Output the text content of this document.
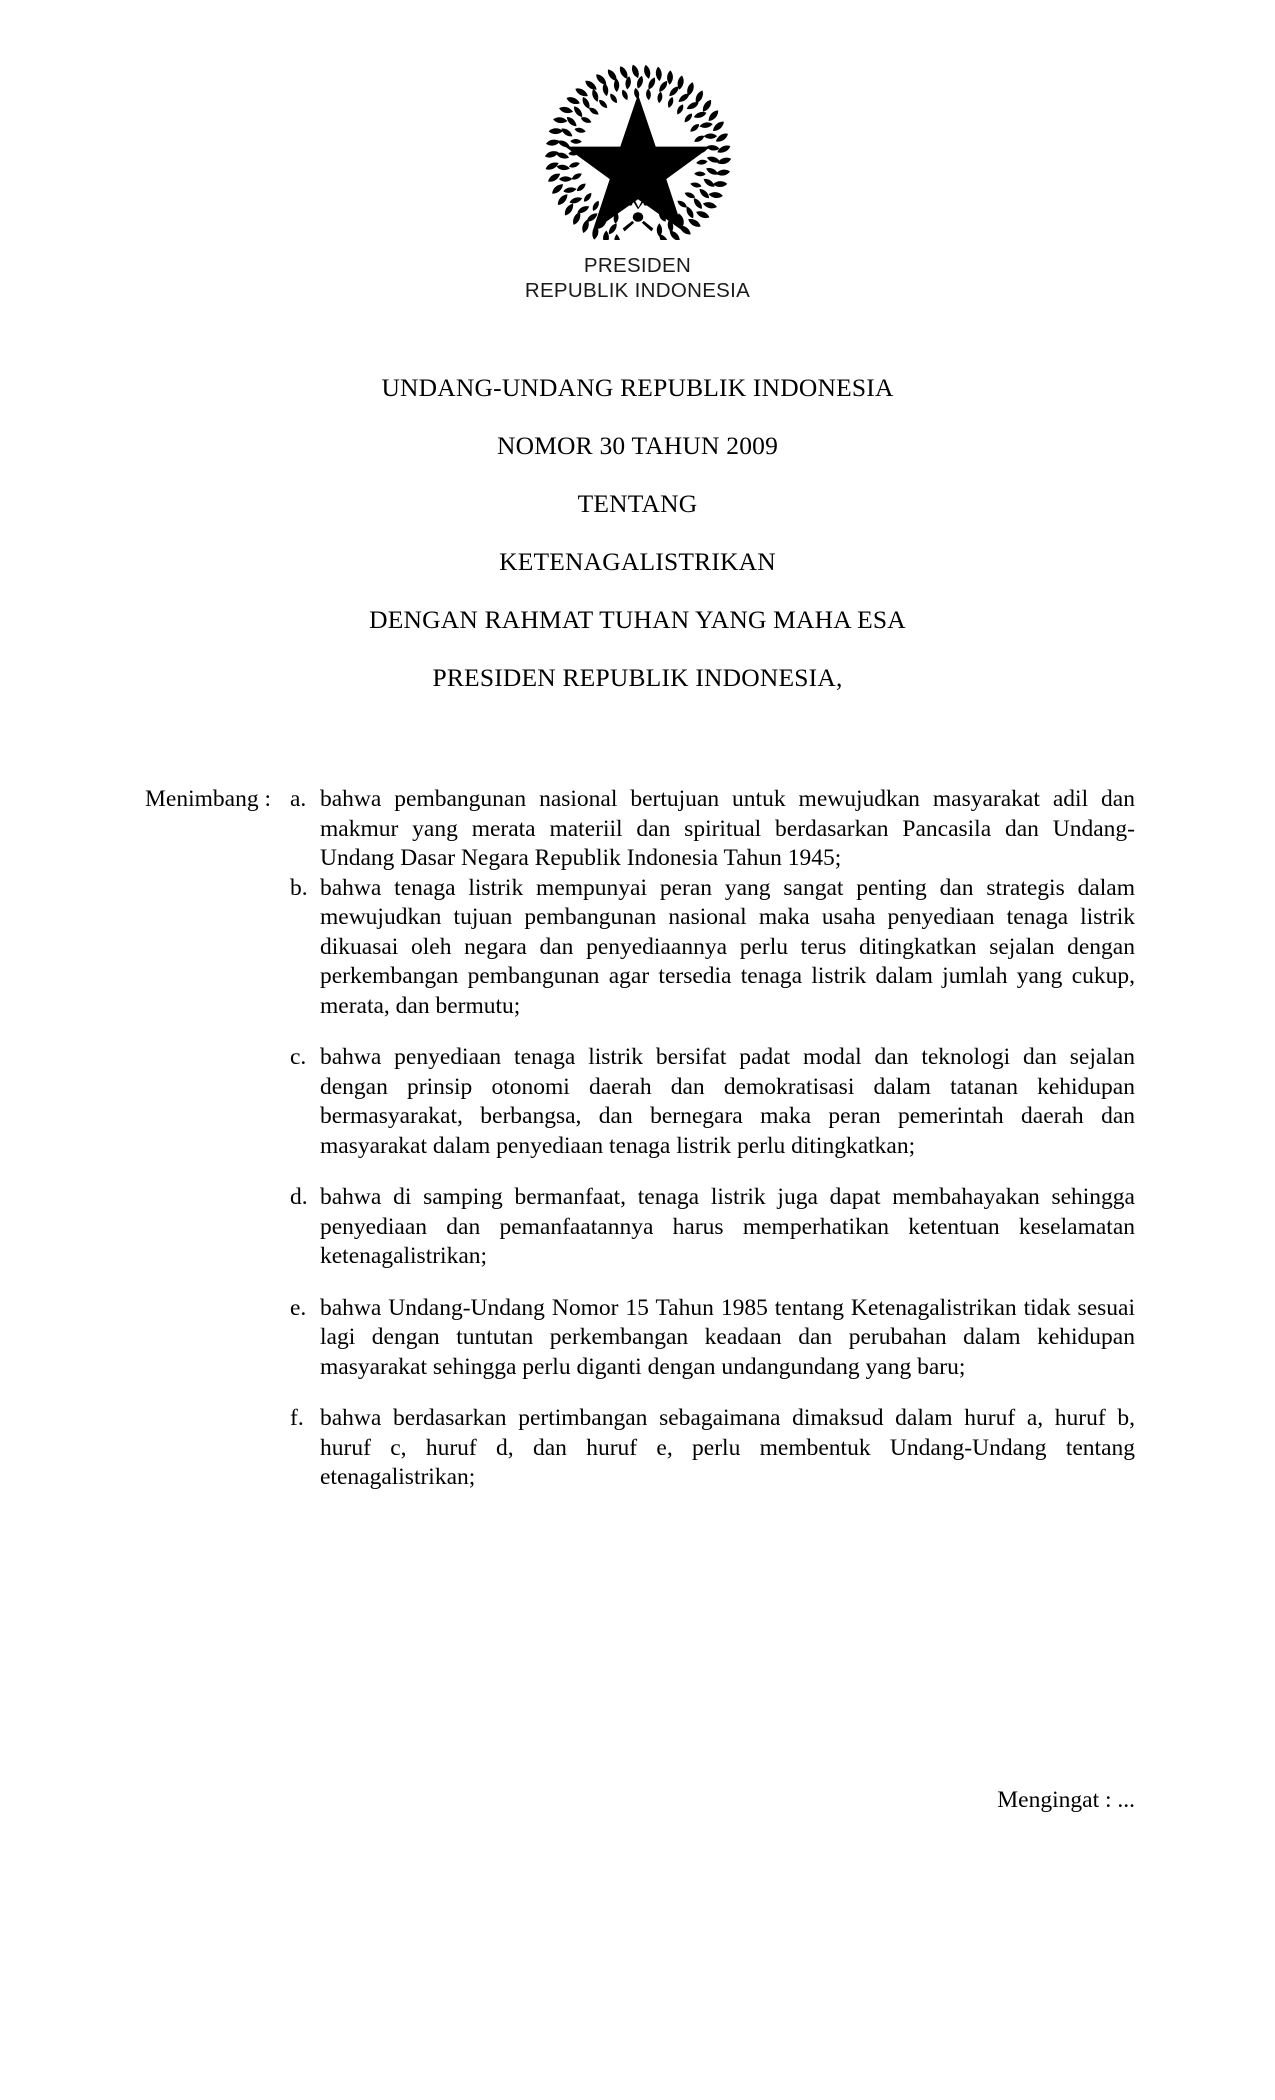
PRESIDEN
REPUBLIK INDONESIA
UNDANG-UNDANG REPUBLIK INDONESIA
NOMOR 30 TAHUN 2009
TENTANG
KETENAGALISTRIKAN
DENGAN RAHMAT TUHAN YANG MAHA ESA
PRESIDEN REPUBLIK INDONESIA,
Menimbang : a. bahwa pembangunan nasional bertujuan untuk mewujudkan masyarakat adil dan makmur yang merata materiil dan spiritual berdasarkan Pancasila dan Undang-Undang Dasar Negara Republik Indonesia Tahun 1945;
b. bahwa tenaga listrik mempunyai peran yang sangat penting dan strategis dalam mewujudkan tujuan pembangunan nasional maka usaha penyediaan tenaga listrik dikuasai oleh negara dan penyediaannya perlu terus ditingkatkan sejalan dengan perkembangan pembangunan agar tersedia tenaga listrik dalam jumlah yang cukup, merata, dan bermutu;
c. bahwa penyediaan tenaga listrik bersifat padat modal dan teknologi dan sejalan dengan prinsip otonomi daerah dan demokratisasi dalam tatanan kehidupan bermasyarakat, berbangsa, dan bernegara maka peran pemerintah daerah dan masyarakat dalam penyediaan tenaga listrik perlu ditingkatkan;
d. bahwa di samping bermanfaat, tenaga listrik juga dapat membahayakan sehingga penyediaan dan pemanfaatannya harus memperhatikan ketentuan keselamatan ketenagalistrikan;
e. bahwa Undang-Undang Nomor 15 Tahun 1985 tentang Ketenagalistrikan tidak sesuai lagi dengan tuntutan perkembangan keadaan dan perubahan dalam kehidupan masyarakat sehingga perlu diganti dengan undangundang yang baru;
f. bahwa berdasarkan pertimbangan sebagaimana dimaksud dalam huruf a, huruf b, huruf c, huruf d, dan huruf e, perlu membentuk Undang-Undang tentang etenagalistrikan;
Mengingat : ...
